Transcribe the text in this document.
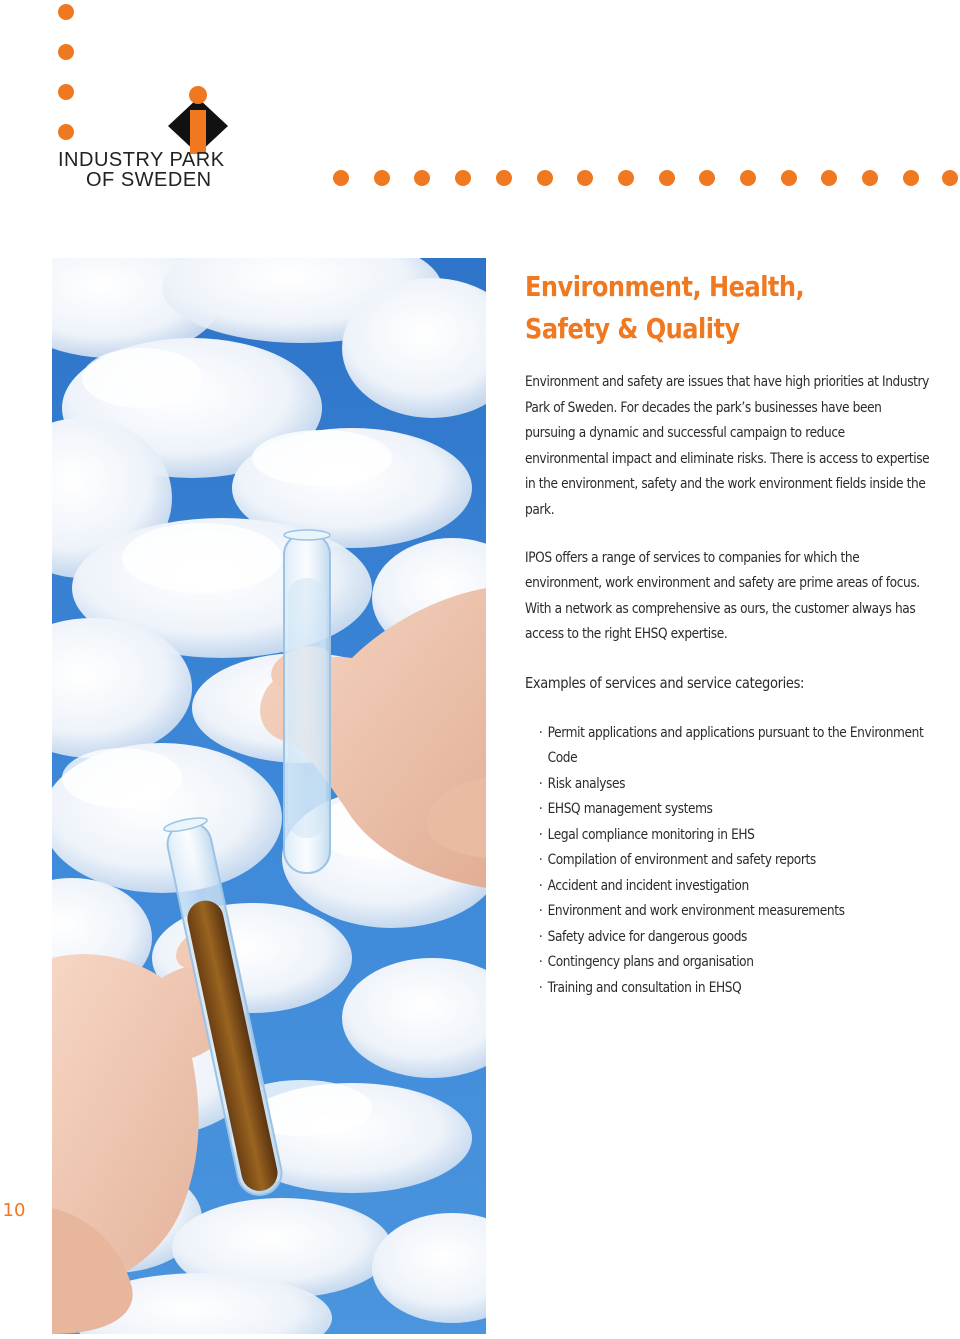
INDUSTRY PARK
OF SWEDEN
Environment, Health,
Safety & Quality

Environment and safety are issues that have high priorities at Industry Park of Sweden. For decades the park’s businesses have been pursuing a dynamic and successful campaign to reduce environmental impact and eliminate risks. There is access to expertise in the environment, safety and the work environment fields inside the park.

IPOS offers a range of services to companies for which the environment, work environment and safety are prime areas of focus. With a network as comprehensive as ours, the customer always has access to the right EHSQ expertise.

Examples of services and service categories:

· Permit applications and applications pursuant to the Environment Code
· Risk analyses
· EHSQ management systems
· Legal compliance monitoring in EHS
· Compilation of environment and safety reports
· Accident and incident investigation
· Environment and work environment measurements
· Safety advice for dangerous goods
· Contingency plans and organisation
· Training and consultation in EHSQ
10
